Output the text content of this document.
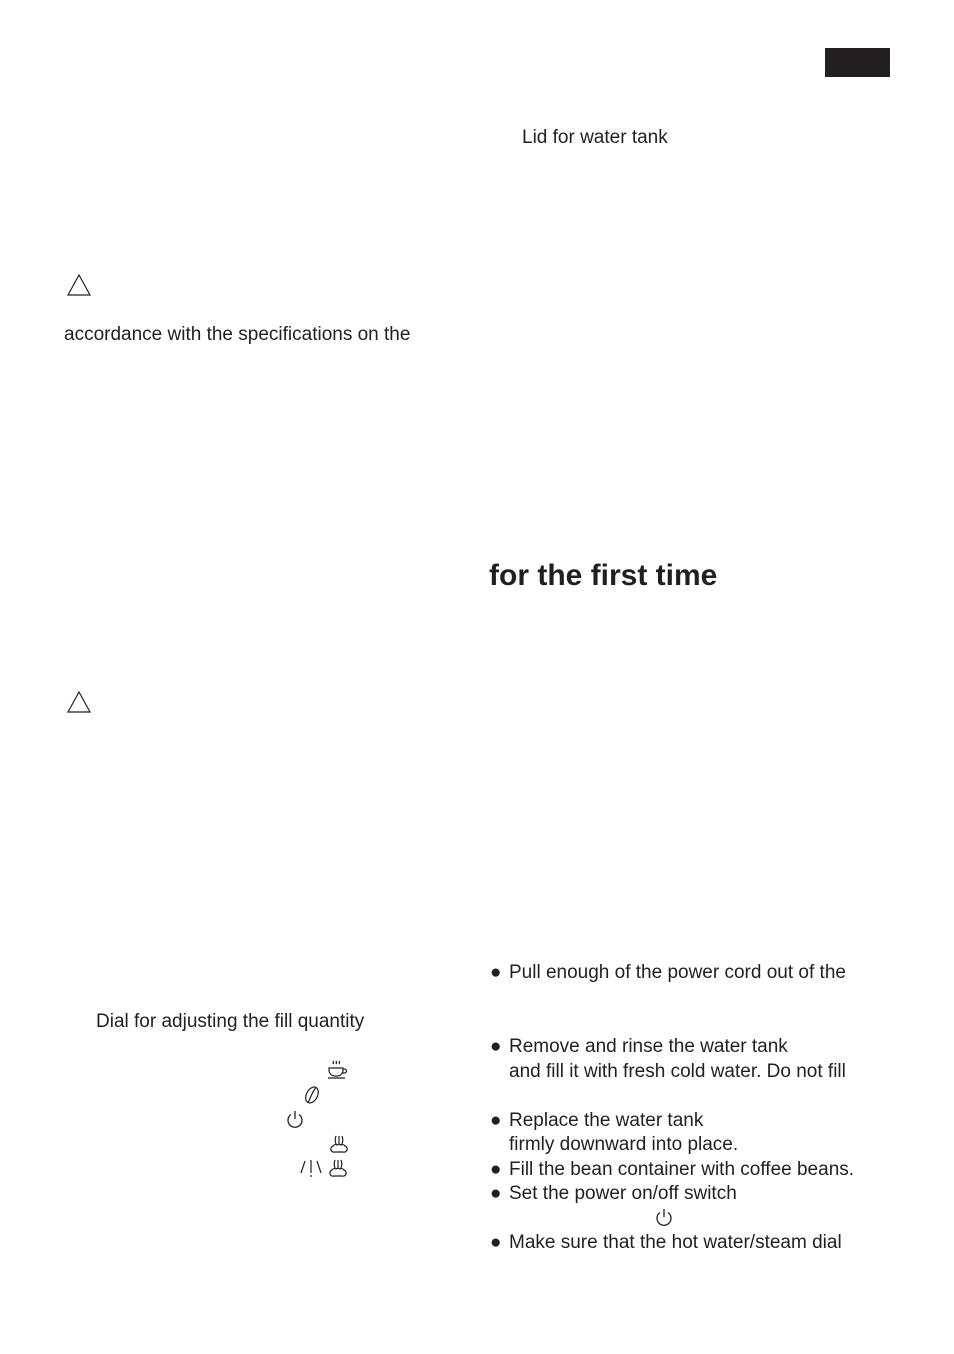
Lid for water tank
accordance with the specifications on the
for the first time
● Pull enough of the power cord out of the
Dial for adjusting the fill quantity
● Remove and rinse the water tank
and fill it with fresh cold water. Do not fill
● Replace the water tank
firmly downward into place.
● Fill the bean container with coffee beans.
● Set the power on/off switch
● Make sure that the hot water/steam dial
